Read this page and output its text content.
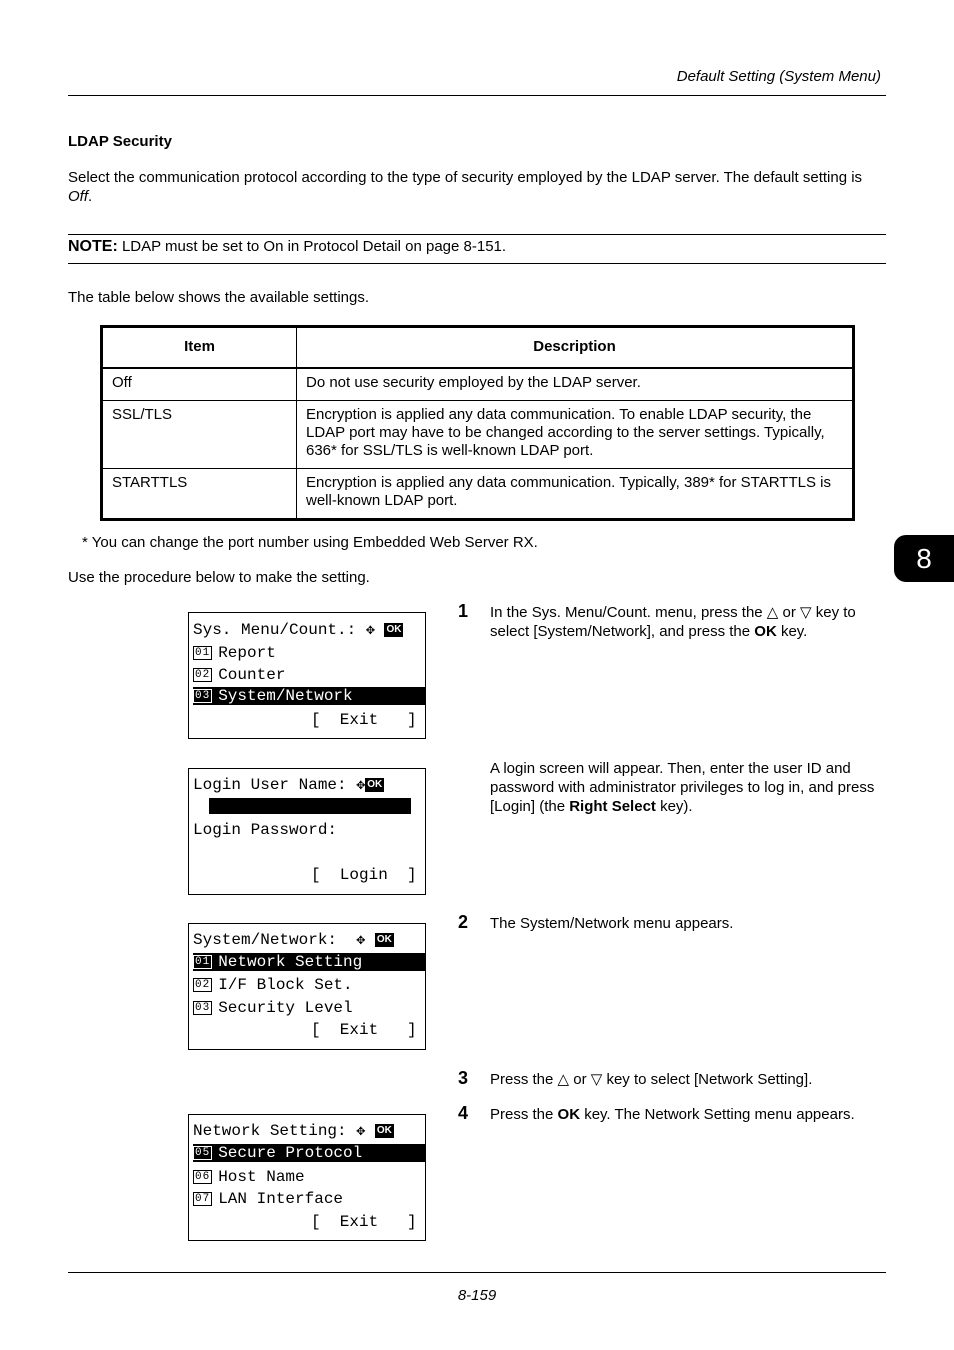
Default Setting (System Menu)
LDAP Security
Select the communication protocol according to the type of security employed by the LDAP server. The default setting is Off.
NOTE: LDAP must be set to On in Protocol Detail on page 8-151.
The table below shows the available settings.
Item	Description
Off	Do not use security employed by the LDAP server.
SSL/TLS	Encryption is applied any data communication. To enable LDAP security, the LDAP port may have to be changed according to the server settings. Typically, 636* for SSL/TLS is well-known LDAP port.
STARTTLS	Encryption is applied any data communication. Typically, 389* for STARTTLS is well-known LDAP port.
* You can change the port number using Embedded Web Server RX.
Use the procedure below to make the setting.
8
Sys. Menu/Count.: ✥ OK
01 Report
02 Counter
03 System/Network
[  Exit   ]
Login User Name: ✥ OK
Login Password:
[  Login  ]
System/Network: ✥ OK
01 Network Setting
02 I/F Block Set.
03 Security Level
[  Exit   ]
Network Setting: ✥ OK
05 Secure Protocol
06 Host Name
07 LAN Interface
[  Exit   ]
1 In the Sys. Menu/Count. menu, press the △ or ▽ key to select [System/Network], and press the OK key.
A login screen will appear. Then, enter the user ID and password with administrator privileges to log in, and press [Login] (the Right Select key).
2 The System/Network menu appears.
3 Press the △ or ▽ key to select [Network Setting].
4 Press the OK key. The Network Setting menu appears.
8-159
